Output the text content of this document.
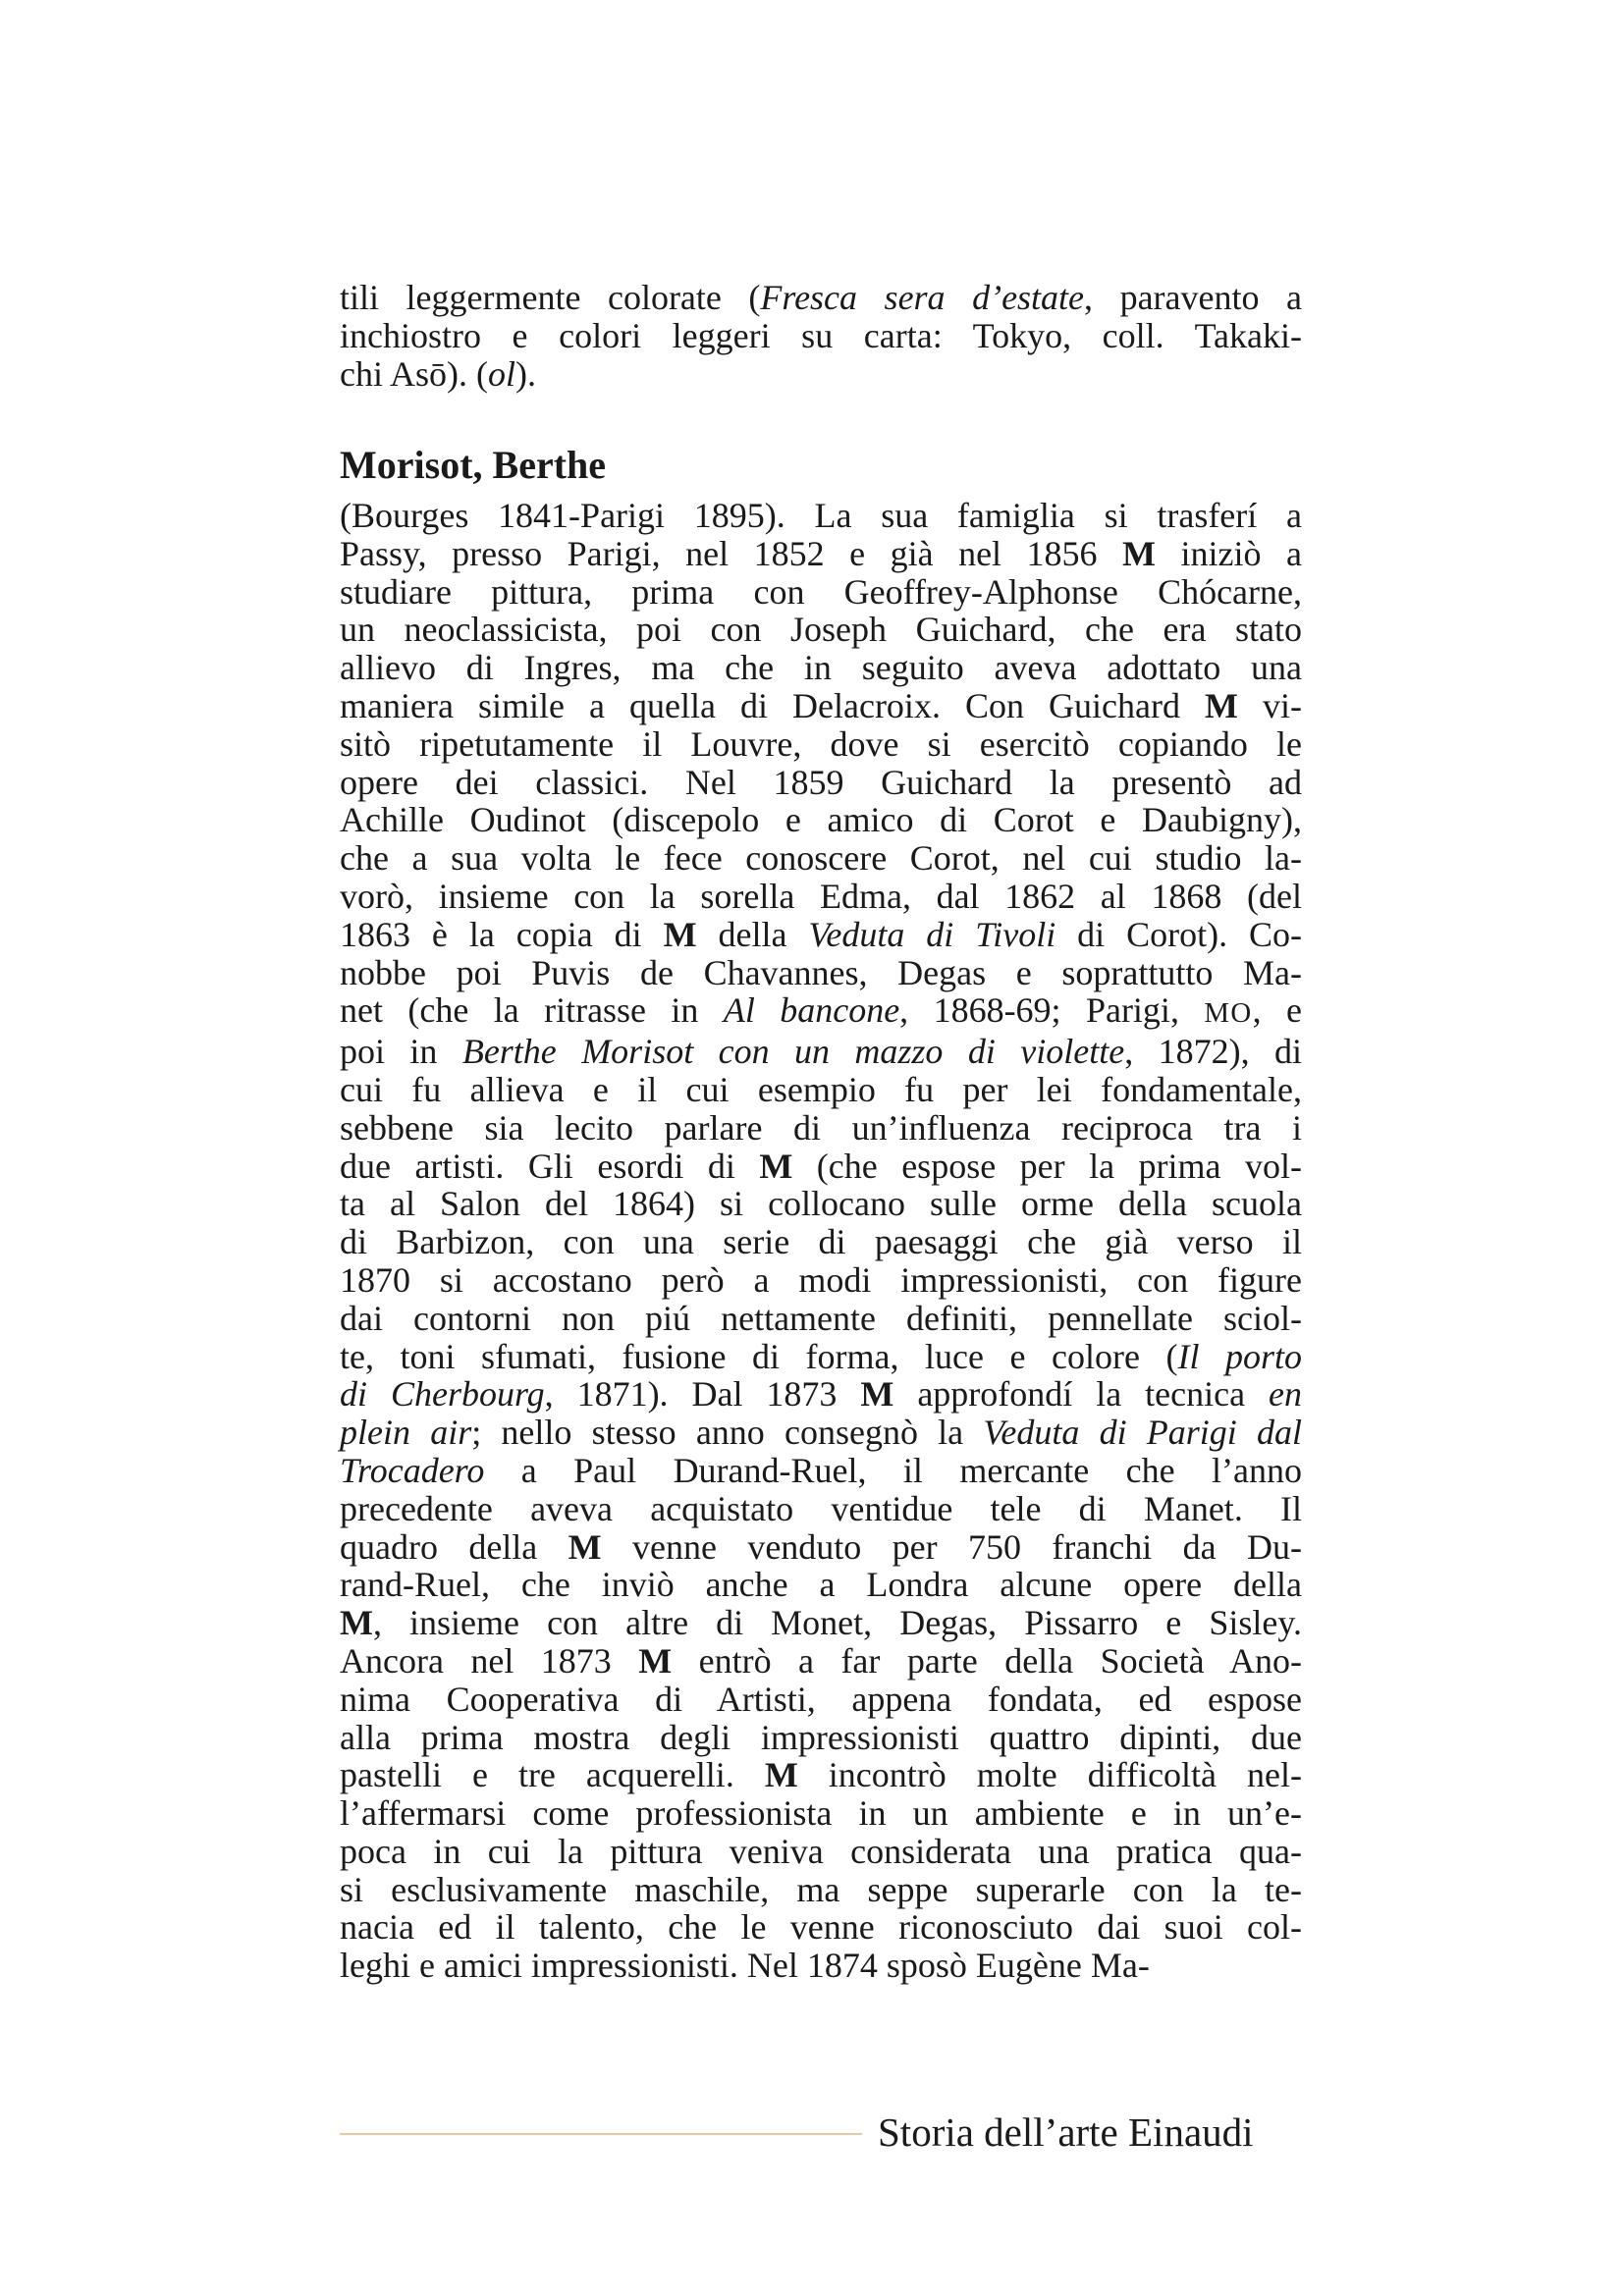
tili leggermente colorate (Fresca sera d’estate, paravento a
inchiostro e colori leggeri su carta: Tokyo, coll. Takaki-
chi Asō). (ol).
Morisot, Berthe
(Bourges 1841-Parigi 1895). La sua famiglia si trasferí a
Passy, presso Parigi, nel 1852 e già nel 1856 M iniziò a
studiare pittura, prima con Geoffrey-Alphonse Chócarne,
un neoclassicista, poi con Joseph Guichard, che era stato
allievo di Ingres, ma che in seguito aveva adottato una
maniera simile a quella di Delacroix. Con Guichard M vi-
sitò ripetutamente il Louvre, dove si esercitò copiando le
opere dei classici. Nel 1859 Guichard la presentò ad
Achille Oudinot (discepolo e amico di Corot e Daubigny),
che a sua volta le fece conoscere Corot, nel cui studio la-
vorò, insieme con la sorella Edma, dal 1862 al 1868 (del
1863 è la copia di M della Veduta di Tivoli di Corot). Co-
nobbe poi Puvis de Chavannes, Degas e soprattutto Ma-
net (che la ritrasse in Al bancone, 1868-69; Parigi, MO, e
poi in Berthe Morisot con un mazzo di violette, 1872), di
cui fu allieva e il cui esempio fu per lei fondamentale,
sebbene sia lecito parlare di un’influenza reciproca tra i
due artisti. Gli esordi di M (che espose per la prima vol-
ta al Salon del 1864) si collocano sulle orme della scuola
di Barbizon, con una serie di paesaggi che già verso il
1870 si accostano però a modi impressionisti, con figure
dai contorni non piú nettamente definiti, pennellate sciol-
te, toni sfumati, fusione di forma, luce e colore (Il porto
di Cherbourg, 1871). Dal 1873 M approfondí la tecnica en
plein air; nello stesso anno consegnò la Veduta di Parigi dal
Trocadero a Paul Durand-Ruel, il mercante che l’anno
precedente aveva acquistato ventidue tele di Manet. Il
quadro della M venne venduto per 750 franchi da Du-
rand-Ruel, che inviò anche a Londra alcune opere della
M, insieme con altre di Monet, Degas, Pissarro e Sisley.
Ancora nel 1873 M entrò a far parte della Società Ano-
nima Cooperativa di Artisti, appena fondata, ed espose
alla prima mostra degli impressionisti quattro dipinti, due
pastelli e tre acquerelli. M incontrò molte difficoltà nel-
l’affermarsi come professionista in un ambiente e in un’e-
poca in cui la pittura veniva considerata una pratica qua-
si esclusivamente maschile, ma seppe superarle con la te-
nacia ed il talento, che le venne riconosciuto dai suoi col-
leghi e amici impressionisti. Nel 1874 sposò Eugène Ma-
Storia dell’arte Einaudi
